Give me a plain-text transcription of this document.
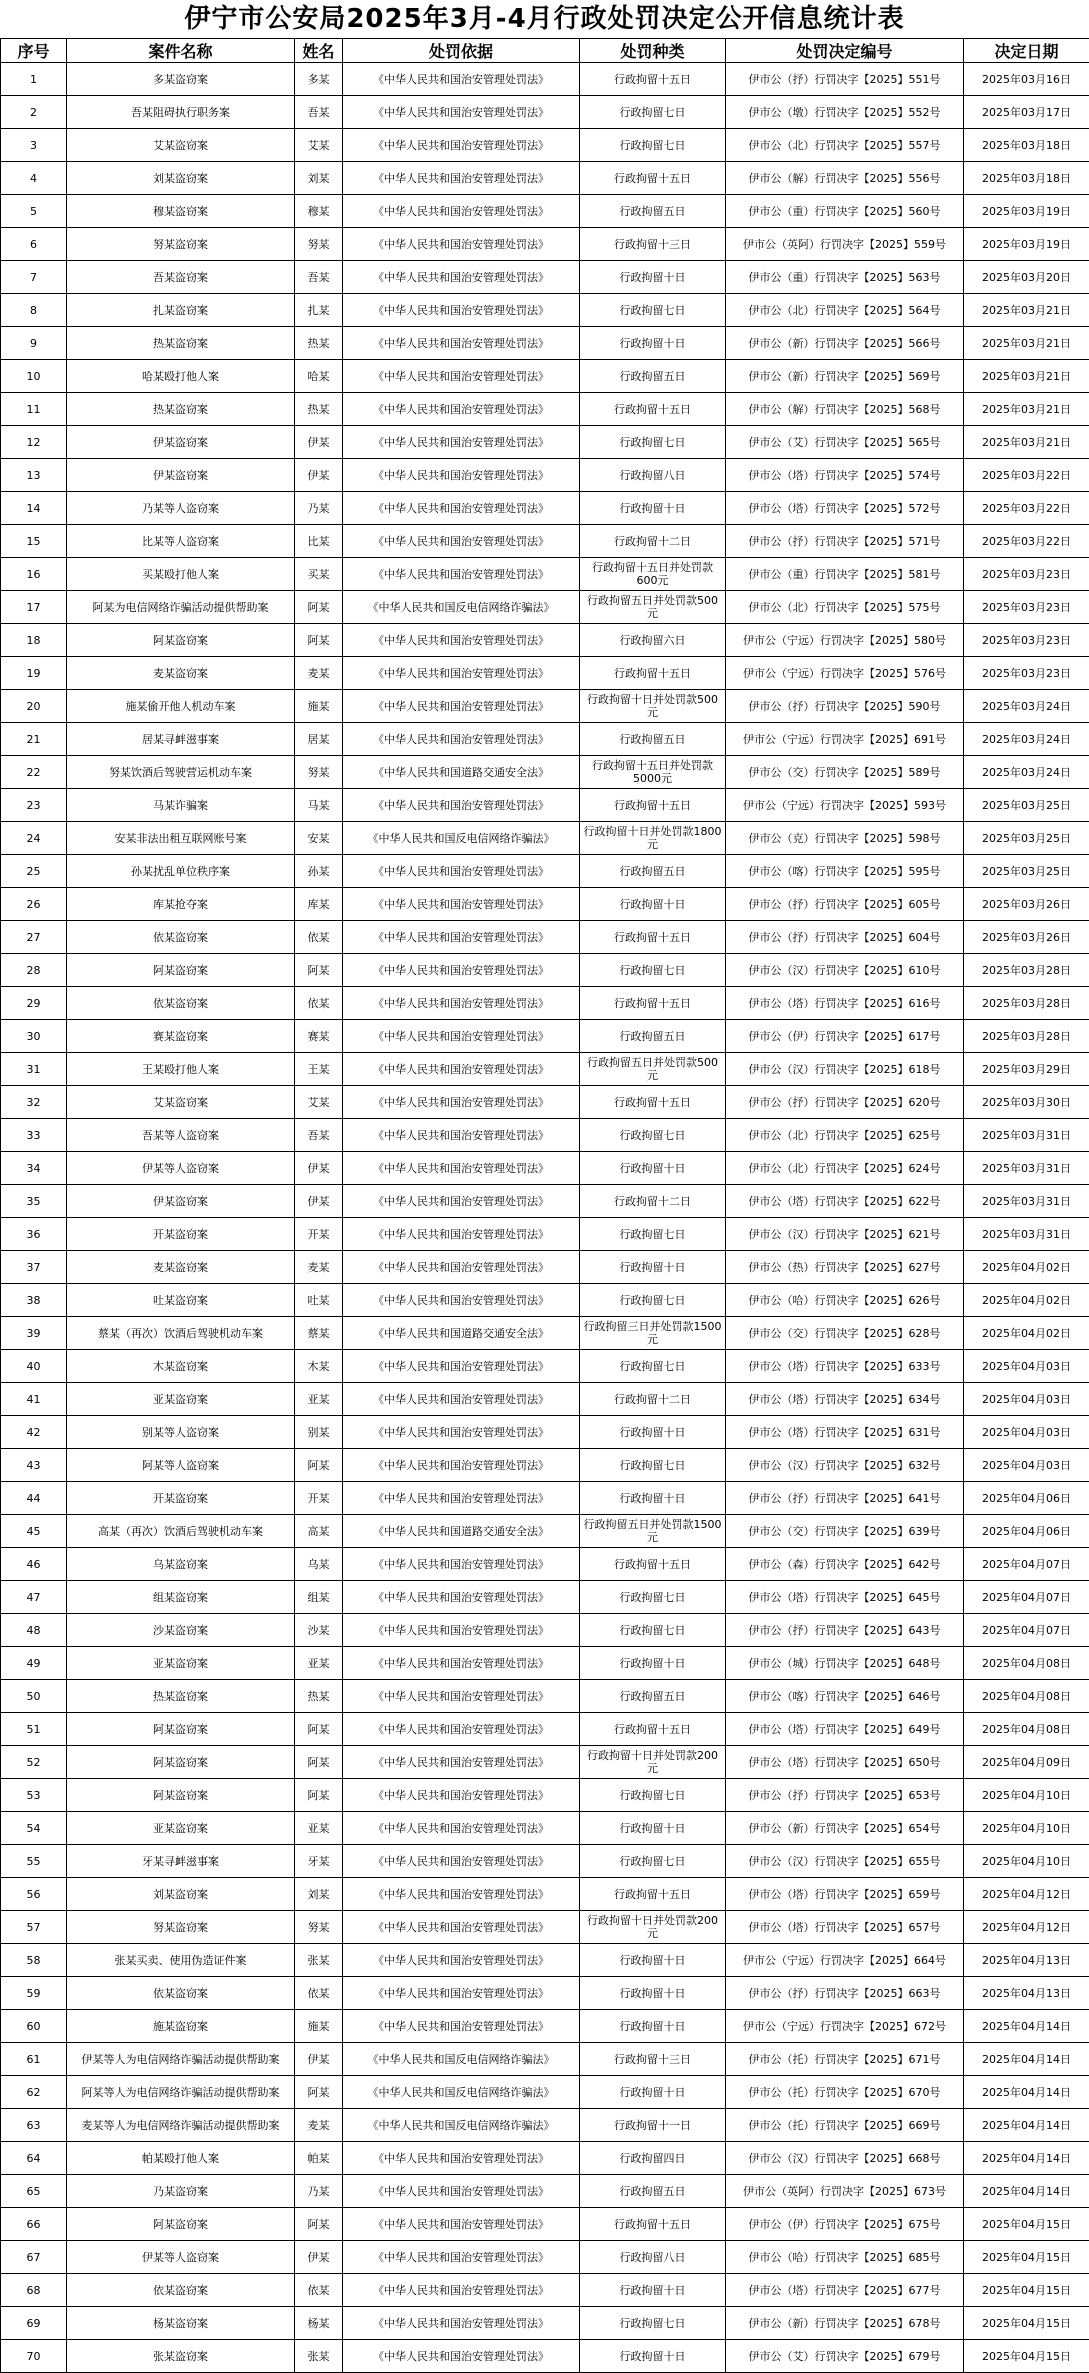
伊宁市公安局2025年3月-4月行政处罚决定公开信息统计表
序号	案件名称	姓名	处罚依据	处罚种类	处罚决定编号	决定日期
1	多某盗窃案	多某	《中华人民共和国治安管理处罚法》	行政拘留十五日	伊市公（抒）行罚决字【2025】551号	2025年03月16日
2	吾某阻碍执行职务案	吾某	《中华人民共和国治安管理处罚法》	行政拘留七日	伊市公（墩）行罚决字【2025】552号	2025年03月17日
3	艾某盗窃案	艾某	《中华人民共和国治安管理处罚法》	行政拘留七日	伊市公（北）行罚决字【2025】557号	2025年03月18日
4	刘某盗窃案	刘某	《中华人民共和国治安管理处罚法》	行政拘留十五日	伊市公（解）行罚决字【2025】556号	2025年03月18日
5	穆某盗窃案	穆某	《中华人民共和国治安管理处罚法》	行政拘留五日	伊市公（重）行罚决字【2025】560号	2025年03月19日
6	努某盗窃案	努某	《中华人民共和国治安管理处罚法》	行政拘留十三日	伊市公（英阿）行罚决字【2025】559号	2025年03月19日
7	吾某盗窃案	吾某	《中华人民共和国治安管理处罚法》	行政拘留十日	伊市公（重）行罚决字【2025】563号	2025年03月20日
8	扎某盗窃案	扎某	《中华人民共和国治安管理处罚法》	行政拘留七日	伊市公（北）行罚决字【2025】564号	2025年03月21日
9	热某盗窃案	热某	《中华人民共和国治安管理处罚法》	行政拘留十日	伊市公（新）行罚决字【2025】566号	2025年03月21日
10	哈某殴打他人案	哈某	《中华人民共和国治安管理处罚法》	行政拘留五日	伊市公（新）行罚决字【2025】569号	2025年03月21日
11	热某盗窃案	热某	《中华人民共和国治安管理处罚法》	行政拘留十五日	伊市公（解）行罚决字【2025】568号	2025年03月21日
12	伊某盗窃案	伊某	《中华人民共和国治安管理处罚法》	行政拘留七日	伊市公（艾）行罚决字【2025】565号	2025年03月21日
13	伊某盗窃案	伊某	《中华人民共和国治安管理处罚法》	行政拘留八日	伊市公（塔）行罚决字【2025】574号	2025年03月22日
14	乃某等人盗窃案	乃某	《中华人民共和国治安管理处罚法》	行政拘留十日	伊市公（塔）行罚决字【2025】572号	2025年03月22日
15	比某等人盗窃案	比某	《中华人民共和国治安管理处罚法》	行政拘留十二日	伊市公（抒）行罚决字【2025】571号	2025年03月22日
16	买某殴打他人案	买某	《中华人民共和国治安管理处罚法》	行政拘留十五日并处罚款600元	伊市公（重）行罚决字【2025】581号	2025年03月23日
17	阿某为电信网络诈骗活动提供帮助案	阿某	《中华人民共和国反电信网络诈骗法》	行政拘留五日并处罚款500元	伊市公（北）行罚决字【2025】575号	2025年03月23日
18	阿某盗窃案	阿某	《中华人民共和国治安管理处罚法》	行政拘留六日	伊市公（宁远）行罚决字【2025】580号	2025年03月23日
19	麦某盗窃案	麦某	《中华人民共和国治安管理处罚法》	行政拘留十五日	伊市公（宁远）行罚决字【2025】576号	2025年03月23日
20	施某偷开他人机动车案	施某	《中华人民共和国治安管理处罚法》	行政拘留十日并处罚款500元	伊市公（抒）行罚决字【2025】590号	2025年03月24日
21	居某寻衅滋事案	居某	《中华人民共和国治安管理处罚法》	行政拘留五日	伊市公（宁远）行罚决字【2025】691号	2025年03月24日
22	努某饮酒后驾驶营运机动车案	努某	《中华人民共和国道路交通安全法》	行政拘留十五日并处罚款5000元	伊市公（交）行罚决字【2025】589号	2025年03月24日
23	马某诈骗案	马某	《中华人民共和国治安管理处罚法》	行政拘留十五日	伊市公（宁远）行罚决字【2025】593号	2025年03月25日
24	安某非法出租互联网账号案	安某	《中华人民共和国反电信网络诈骗法》	行政拘留十日并处罚款1800元	伊市公（克）行罚决字【2025】598号	2025年03月25日
25	孙某扰乱单位秩序案	孙某	《中华人民共和国治安管理处罚法》	行政拘留五日	伊市公（喀）行罚决字【2025】595号	2025年03月25日
26	库某抢夺案	库某	《中华人民共和国治安管理处罚法》	行政拘留十日	伊市公（抒）行罚决字【2025】605号	2025年03月26日
27	依某盗窃案	依某	《中华人民共和国治安管理处罚法》	行政拘留十五日	伊市公（抒）行罚决字【2025】604号	2025年03月26日
28	阿某盗窃案	阿某	《中华人民共和国治安管理处罚法》	行政拘留七日	伊市公（汉）行罚决字【2025】610号	2025年03月28日
29	依某盗窃案	依某	《中华人民共和国治安管理处罚法》	行政拘留十五日	伊市公（塔）行罚决字【2025】616号	2025年03月28日
30	赛某盗窃案	赛某	《中华人民共和国治安管理处罚法》	行政拘留五日	伊市公（伊）行罚决字【2025】617号	2025年03月28日
31	王某殴打他人案	王某	《中华人民共和国治安管理处罚法》	行政拘留五日并处罚款500元	伊市公（汉）行罚决字【2025】618号	2025年03月29日
32	艾某盗窃案	艾某	《中华人民共和国治安管理处罚法》	行政拘留十五日	伊市公（抒）行罚决字【2025】620号	2025年03月30日
33	吾某等人盗窃案	吾某	《中华人民共和国治安管理处罚法》	行政拘留七日	伊市公（北）行罚决字【2025】625号	2025年03月31日
34	伊某等人盗窃案	伊某	《中华人民共和国治安管理处罚法》	行政拘留十日	伊市公（北）行罚决字【2025】624号	2025年03月31日
35	伊某盗窃案	伊某	《中华人民共和国治安管理处罚法》	行政拘留十二日	伊市公（塔）行罚决字【2025】622号	2025年03月31日
36	开某盗窃案	开某	《中华人民共和国治安管理处罚法》	行政拘留七日	伊市公（汉）行罚决字【2025】621号	2025年03月31日
37	麦某盗窃案	麦某	《中华人民共和国治安管理处罚法》	行政拘留十日	伊市公（热）行罚决字【2025】627号	2025年04月02日
38	吐某盗窃案	吐某	《中华人民共和国治安管理处罚法》	行政拘留七日	伊市公（哈）行罚决字【2025】626号	2025年04月02日
39	蔡某（再次）饮酒后驾驶机动车案	蔡某	《中华人民共和国道路交通安全法》	行政拘留三日并处罚款1500元	伊市公（交）行罚决字【2025】628号	2025年04月02日
40	木某盗窃案	木某	《中华人民共和国治安管理处罚法》	行政拘留七日	伊市公（塔）行罚决字【2025】633号	2025年04月03日
41	亚某盗窃案	亚某	《中华人民共和国治安管理处罚法》	行政拘留十二日	伊市公（塔）行罚决字【2025】634号	2025年04月03日
42	别某等人盗窃案	别某	《中华人民共和国治安管理处罚法》	行政拘留十日	伊市公（塔）行罚决字【2025】631号	2025年04月03日
43	阿某等人盗窃案	阿某	《中华人民共和国治安管理处罚法》	行政拘留七日	伊市公（汉）行罚决字【2025】632号	2025年04月03日
44	开某盗窃案	开某	《中华人民共和国治安管理处罚法》	行政拘留十日	伊市公（抒）行罚决字【2025】641号	2025年04月06日
45	高某（再次）饮酒后驾驶机动车案	高某	《中华人民共和国道路交通安全法》	行政拘留五日并处罚款1500元	伊市公（交）行罚决字【2025】639号	2025年04月06日
46	乌某盗窃案	乌某	《中华人民共和国治安管理处罚法》	行政拘留十五日	伊市公（森）行罚决字【2025】642号	2025年04月07日
47	组某盗窃案	组某	《中华人民共和国治安管理处罚法》	行政拘留七日	伊市公（塔）行罚决字【2025】645号	2025年04月07日
48	沙某盗窃案	沙某	《中华人民共和国治安管理处罚法》	行政拘留七日	伊市公（抒）行罚决字【2025】643号	2025年04月07日
49	亚某盗窃案	亚某	《中华人民共和国治安管理处罚法》	行政拘留十日	伊市公（城）行罚决字【2025】648号	2025年04月08日
50	热某盗窃案	热某	《中华人民共和国治安管理处罚法》	行政拘留五日	伊市公（喀）行罚决字【2025】646号	2025年04月08日
51	阿某盗窃案	阿某	《中华人民共和国治安管理处罚法》	行政拘留十五日	伊市公（塔）行罚决字【2025】649号	2025年04月08日
52	阿某盗窃案	阿某	《中华人民共和国治安管理处罚法》	行政拘留十日并处罚款200元	伊市公（塔）行罚决字【2025】650号	2025年04月09日
53	阿某盗窃案	阿某	《中华人民共和国治安管理处罚法》	行政拘留七日	伊市公（抒）行罚决字【2025】653号	2025年04月10日
54	亚某盗窃案	亚某	《中华人民共和国治安管理处罚法》	行政拘留十日	伊市公（新）行罚决字【2025】654号	2025年04月10日
55	牙某寻衅滋事案	牙某	《中华人民共和国治安管理处罚法》	行政拘留七日	伊市公（汉）行罚决字【2025】655号	2025年04月10日
56	刘某盗窃案	刘某	《中华人民共和国治安管理处罚法》	行政拘留十五日	伊市公（塔）行罚决字【2025】659号	2025年04月12日
57	努某盗窃案	努某	《中华人民共和国治安管理处罚法》	行政拘留十日并处罚款200元	伊市公（塔）行罚决字【2025】657号	2025年04月12日
58	张某买卖、使用伪造证件案	张某	《中华人民共和国治安管理处罚法》	行政拘留十日	伊市公（宁远）行罚决字【2025】664号	2025年04月13日
59	依某盗窃案	依某	《中华人民共和国治安管理处罚法》	行政拘留十日	伊市公（抒）行罚决字【2025】663号	2025年04月13日
60	施某盗窃案	施某	《中华人民共和国治安管理处罚法》	行政拘留十日	伊市公（宁远）行罚决字【2025】672号	2025年04月14日
61	伊某等人为电信网络诈骗活动提供帮助案	伊某	《中华人民共和国反电信网络诈骗法》	行政拘留十三日	伊市公（托）行罚决字【2025】671号	2025年04月14日
62	阿某等人为电信网络诈骗活动提供帮助案	阿某	《中华人民共和国反电信网络诈骗法》	行政拘留十日	伊市公（托）行罚决字【2025】670号	2025年04月14日
63	麦某等人为电信网络诈骗活动提供帮助案	麦某	《中华人民共和国反电信网络诈骗法》	行政拘留十一日	伊市公（托）行罚决字【2025】669号	2025年04月14日
64	帕某殴打他人案	帕某	《中华人民共和国治安管理处罚法》	行政拘留四日	伊市公（汉）行罚决字【2025】668号	2025年04月14日
65	乃某盗窃案	乃某	《中华人民共和国治安管理处罚法》	行政拘留五日	伊市公（英阿）行罚决字【2025】673号	2025年04月14日
66	阿某盗窃案	阿某	《中华人民共和国治安管理处罚法》	行政拘留十五日	伊市公（伊）行罚决字【2025】675号	2025年04月15日
67	伊某等人盗窃案	伊某	《中华人民共和国治安管理处罚法》	行政拘留八日	伊市公（哈）行罚决字【2025】685号	2025年04月15日
68	依某盗窃案	依某	《中华人民共和国治安管理处罚法》	行政拘留十日	伊市公（塔）行罚决字【2025】677号	2025年04月15日
69	杨某盗窃案	杨某	《中华人民共和国治安管理处罚法》	行政拘留七日	伊市公（新）行罚决字【2025】678号	2025年04月15日
70	张某盗窃案	张某	《中华人民共和国治安管理处罚法》	行政拘留十日	伊市公（艾）行罚决字【2025】679号	2025年04月15日
